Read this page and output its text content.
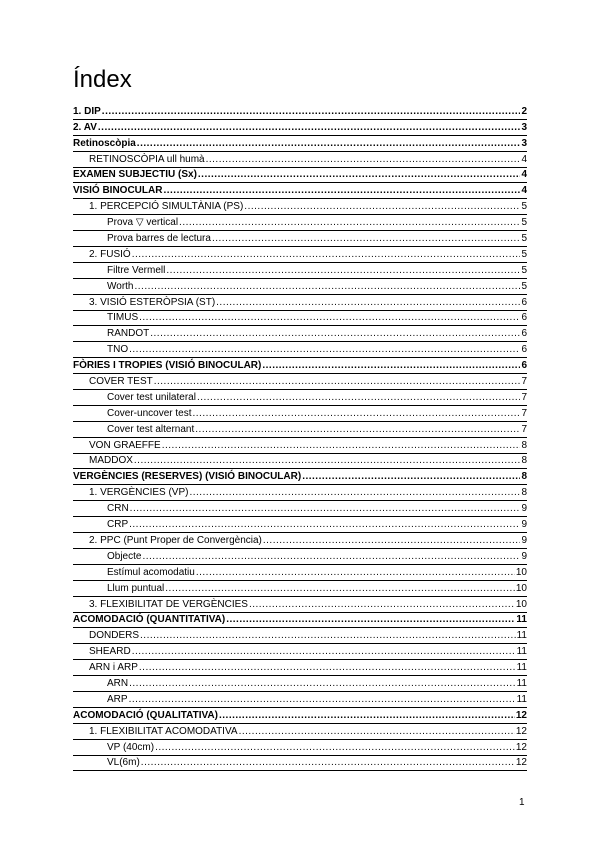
Índex
1. DIP .....	2
2. AV .....	3
Retinoscòpia .....	3
RETINOSCÒPIA ull humà .....	4
EXAMEN SUBJECTIU (Sx) .....	4
VISIÓ BINOCULAR .....	4
1. PERCEPCIÓ SIMULTÀNIA (PS) .....	5
Prova ▽ vertical .....	5
Prova barres de lectura .....	5
2. FUSIÓ .....	5
Filtre Vermell .....	5
Worth .....	5
3. VISIÓ ESTERÒPSIA (ST) .....	6
TIMUS .....	6
RANDOT .....	6
TNO .....	6
FÒRIES I TROPIES (VISIÓ BINOCULAR) .....	6
COVER TEST .....	7
Cover test unilateral .....	7
Cover-uncover test .....	7
Cover test alternant .....	7
VON GRAEFFE .....	8
MADDOX .....	8
VERGÈNCIES (RESERVES) (VISIÓ BINOCULAR) .....	8
1. VERGÈNCIES (VP) .....	8
CRN .....	9
CRP .....	9
2. PPC (Punt Proper de Convergència) .....	9
Objecte .....	9
Estímul acomodatiu .....	10
Llum puntual .....	10
3. FLEXIBILITAT DE VERGÈNCIES .....	10
ACOMODACIÓ (QUANTITATIVA) .....	11
DONDERS .....	11
SHEARD .....	11
ARN i ARP .....	11
ARN .....	11
ARP .....	11
ACOMODACIÓ (QUALITATIVA) .....	12
1. FLEXIBILITAT ACOMODATIVA .....	12
VP (40cm) .....	12
VL(6m) .....	12
1
